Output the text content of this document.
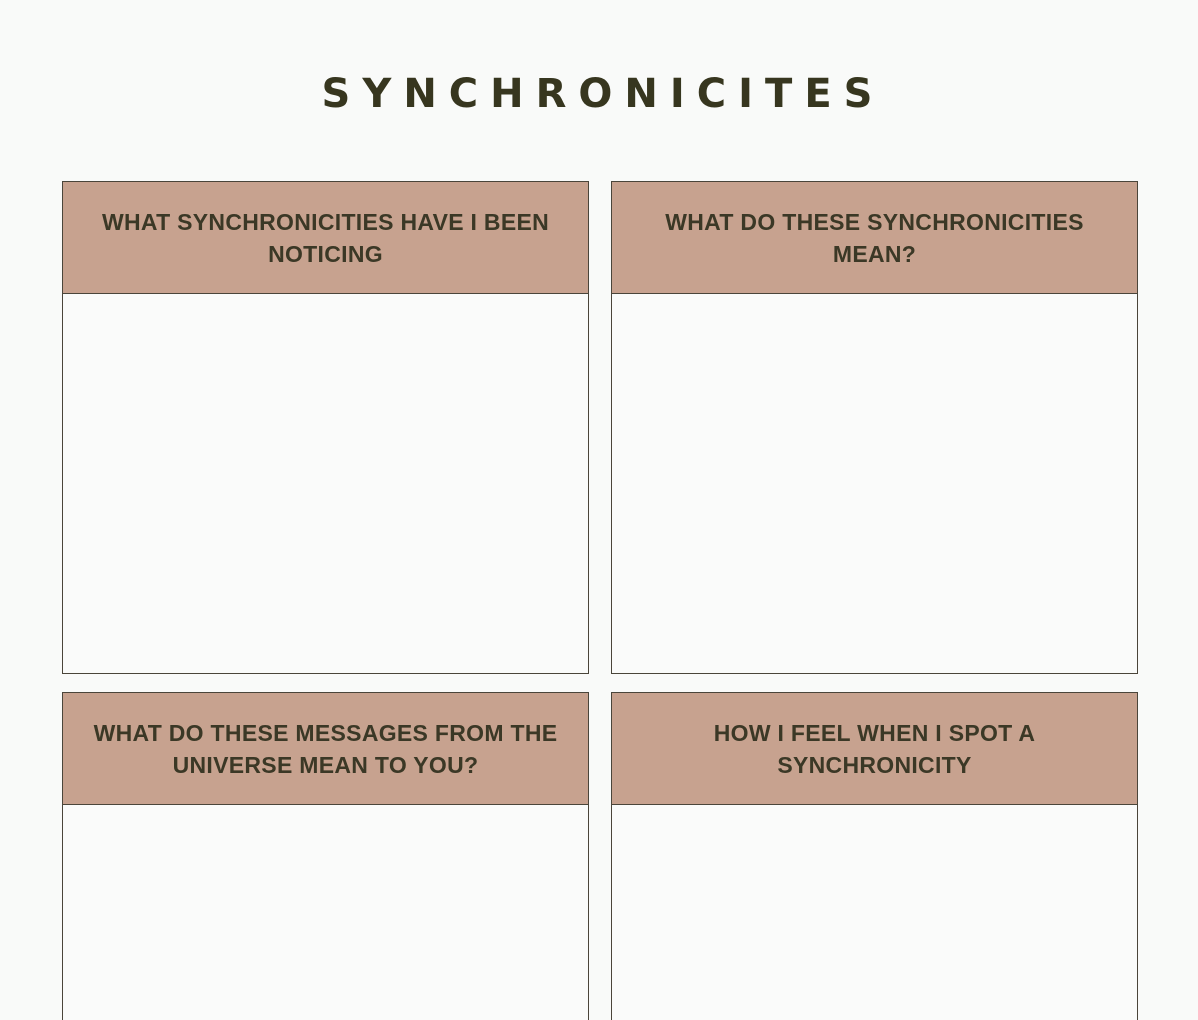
SYNCHRONICITES
WHAT SYNCHRONICITIES HAVE I BEEN NOTICING
WHAT DO THESE SYNCHRONICITIES MEAN?
WHAT DO THESE MESSAGES FROM THE UNIVERSE MEAN TO YOU?
HOW I FEEL WHEN I SPOT A SYNCHRONICITY
